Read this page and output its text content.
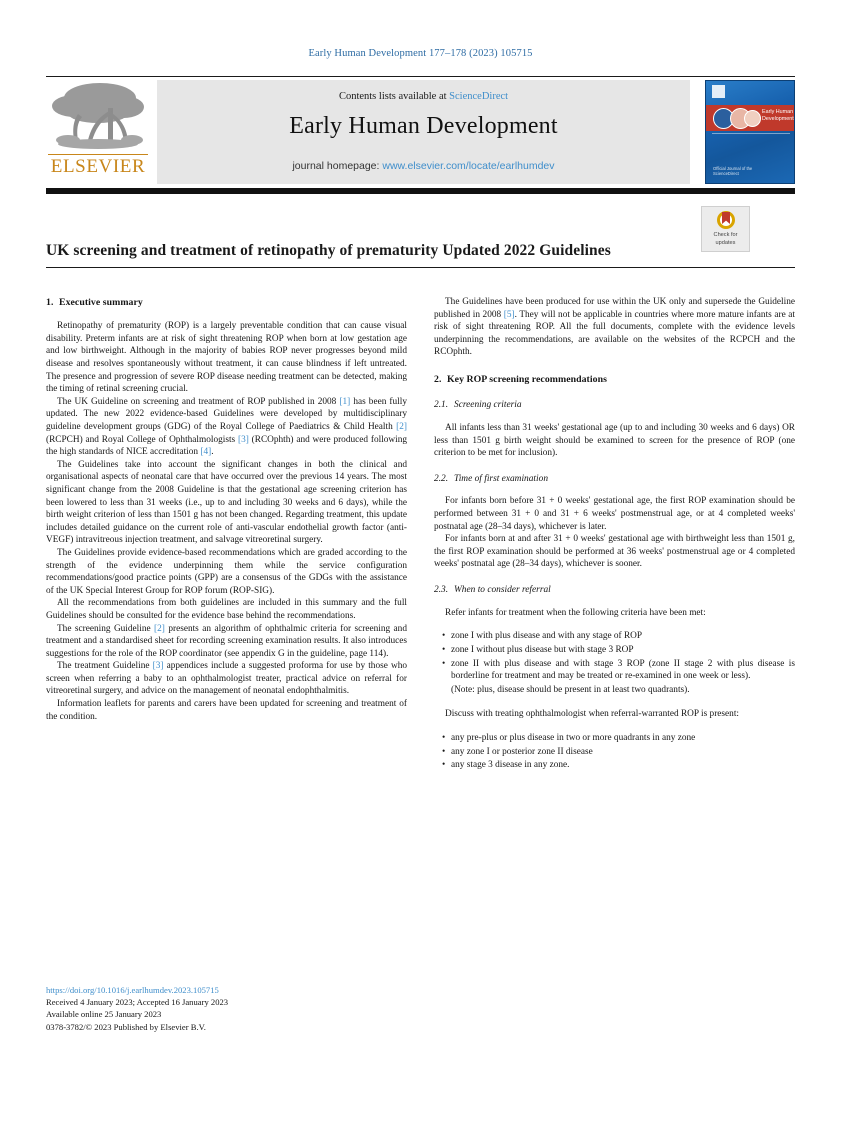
Early Human Development 177–178 (2023) 105715
ELSEVIER
Contents lists available at ScienceDirect
Early Human Development
journal homepage: www.elsevier.com/locate/earlhumdev
Early Human
Development
Official Journal of the
ScienceDirect
UK screening and treatment of retinopathy of prematurity Updated 2022 Guidelines
Check for
updates
1. Executive summary

Retinopathy of prematurity (ROP) is a largely preventable condition that can cause visual disability. Preterm infants are at risk of sight threatening ROP when born at low gestation age and low birthweight. Although in the majority of babies ROP never progresses beyond mild disease and resolves spontaneously without treatment, it can cause blindness if left untreated. The presence and progression of severe ROP disease needing treatment can be detected, making the timing of retinal screening crucial.

The UK Guideline on screening and treatment of ROP published in 2008 [1] has been fully updated. The new 2022 evidence-based Guidelines were developed by multidisciplinary guideline development groups (GDG) of the Royal College of Paediatrics & Child Health [2] (RCPCH) and Royal College of Ophthalmologists [3] (RCOphth) and were produced following the high standards of NICE accreditation [4].

The Guidelines take into account the significant changes in both the clinical and organisational aspects of neonatal care that have occurred over the previous 14 years. The most significant change from the 2008 Guideline is that the gestational age screening criterion has been lowered to less than 31 weeks (i.e., up to and including 30 weeks and 6 days), while the birth weight criterion of less than 1501 g has not been changed. Regarding treatment, this update includes detailed guidance on the current role of anti-vascular endothelial growth factor (anti-VEGF) intravitreous injection treatment, and salvage vitreoretinal surgery.

The Guidelines provide evidence-based recommendations which are graded according to the strength of the evidence underpinning them while the service configuration recommendations/good practice points (GPP) are a consensus of the GDGs with the assistance of the UK Special Interest Group for ROP forum (ROP-SIG).

All the recommendations from both guidelines are included in this summary and the full Guidelines should be consulted for the evidence base behind the recommendations.

The screening Guideline [2] presents an algorithm of ophthalmic criteria for screening and treatment and a standardised sheet for recording screening examination results. It also introduces suggestions for the role of the ROP coordinator (see appendix G in the guideline, page 114).

The treatment Guideline [3] appendices include a suggested proforma for use by those who screen when referring a baby to an ophthalmologist treater, practical advice on referral for vitreoretinal surgery, and advice on the management of neonatal endophthalmitis.

Information leaflets for parents and carers have been updated for screening and treatment of the condition.

The Guidelines have been produced for use within the UK only and supersede the Guideline published in 2008 [5]. They will not be applicable in countries where more mature infants are at risk of sight threatening ROP. All the full documents, complete with the evidence levels underpinning the recommendations, are available on the websites of the RCPCH and the RCOphth.

2. Key ROP screening recommendations
2.1. Screening criteria

All infants less than 31 weeks' gestational age (up to and including 30 weeks and 6 days) OR less than 1501 g birth weight should be examined to screen for the presence of ROP (one criterion to be met for inclusion).

2.2. Time of first examination

For infants born before 31 + 0 weeks' gestational age, the first ROP examination should be performed between 31 + 0 and 31 + 6 weeks' postmenstrual age, or at 4 completed weeks' postnatal age (28–34 days), whichever is later.

For infants born at and after 31 + 0 weeks' gestational age with birthweight less than 1501 g, the first ROP examination should be performed at 36 weeks' postmenstrual age or 4 completed weeks' postnatal age (28–34 days), whichever is sooner.

2.3. When to consider referral

Refer infants for treatment when the following criteria have been met:

• zone I with plus disease and with any stage of ROP
• zone I without plus disease but with stage 3 ROP
• zone II with plus disease and with stage 3 ROP (zone II stage 2 with plus disease is borderline for treatment and may be treated or re-examined in one week or less).
(Note: plus, disease should be present in at least two quadrants).

Discuss with treating ophthalmologist when referral-warranted ROP is present:

• any pre-plus or plus disease in two or more quadrants in any zone
• any zone I or posterior zone II disease
• any stage 3 disease in any zone.
https://doi.org/10.1016/j.earlhumdev.2023.105715
Received 4 January 2023; Accepted 16 January 2023
Available online 25 January 2023
0378-3782/© 2023 Published by Elsevier B.V.
